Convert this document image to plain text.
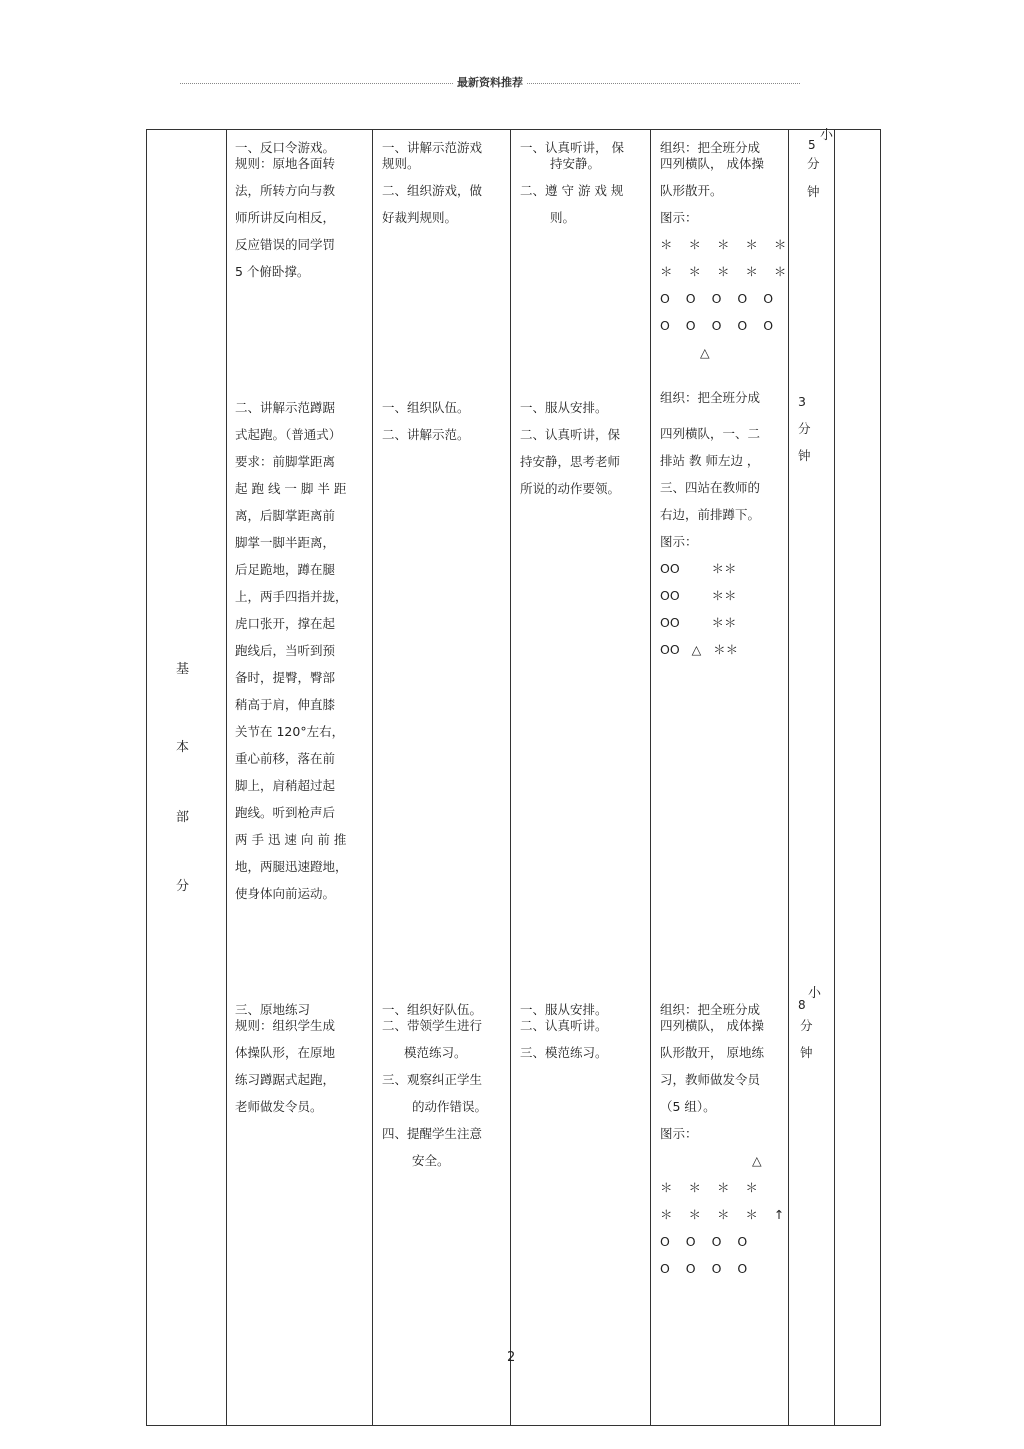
最新资料推荐
基
本
部
分
一、反口令游戏。
规则：原地各面转
法，所转方向与教
师所讲反向相反，
反应错误的同学罚
5 个俯卧撑。
一、讲解示范游戏
规则。
二、组织游戏，做
好裁判规则。
一、认真听讲， 保
持安静。
二、遵 守 游 戏 规
则。
组织：把全班分成
四列横队， 成体操
队形散开。
图示：
＊ ＊ ＊ ＊ ＊
＊ ＊ ＊ ＊ ＊
O O O O O
O O O O O
△
小
5
分
钟
二、讲解示范蹲踞
式起跑。（普通式）
要求：前脚掌距离
起 跑 线 一 脚 半 距
离，后脚掌距离前
脚掌一脚半距离，
后足跪地，蹲在腿
上，两手四指并拢，
虎口张开，撑在起
跑线后，当听到预
备时，提臀，臀部
稍高于肩，伸直膝
关节在 120°左右，
重心前移，落在前
脚上，肩稍超过起
跑线。听到枪声后
两 手 迅 速 向 前 推
地，两腿迅速蹬地，
使身体向前运动。
一、组织队伍。
二、讲解示范。
一、服从安排。
二、认真听讲，保
持安静，思考老师
所说的动作要领。
组织：把全班分成
四列横队，一、二
排站 教 师左边 ，
三、四站在教师的
右边，前排蹲下。
图示：
OO        ＊＊
OO        ＊＊
OO        ＊＊
OO   △   ＊＊
3
分
钟
三、原地练习
规则：组织学生成
体操队形，在原地
练习蹲踞式起跑，
老师做发令员。
一、组织好队伍。
二、带领学生进行
模范练习。
三、观察纠正学生
的动作错误。
四、提醒学生注意
安全。
一、服从安排。
二、认真听讲。
三、模范练习。
组织：把全班分成
四列横队， 成体操
队形散开， 原地练
习，教师做发令员
（5 组）。
图示：
△
＊ ＊ ＊ ＊
＊ ＊ ＊ ＊ ↑
O O O O
O O O O
小
8
分
钟
2
